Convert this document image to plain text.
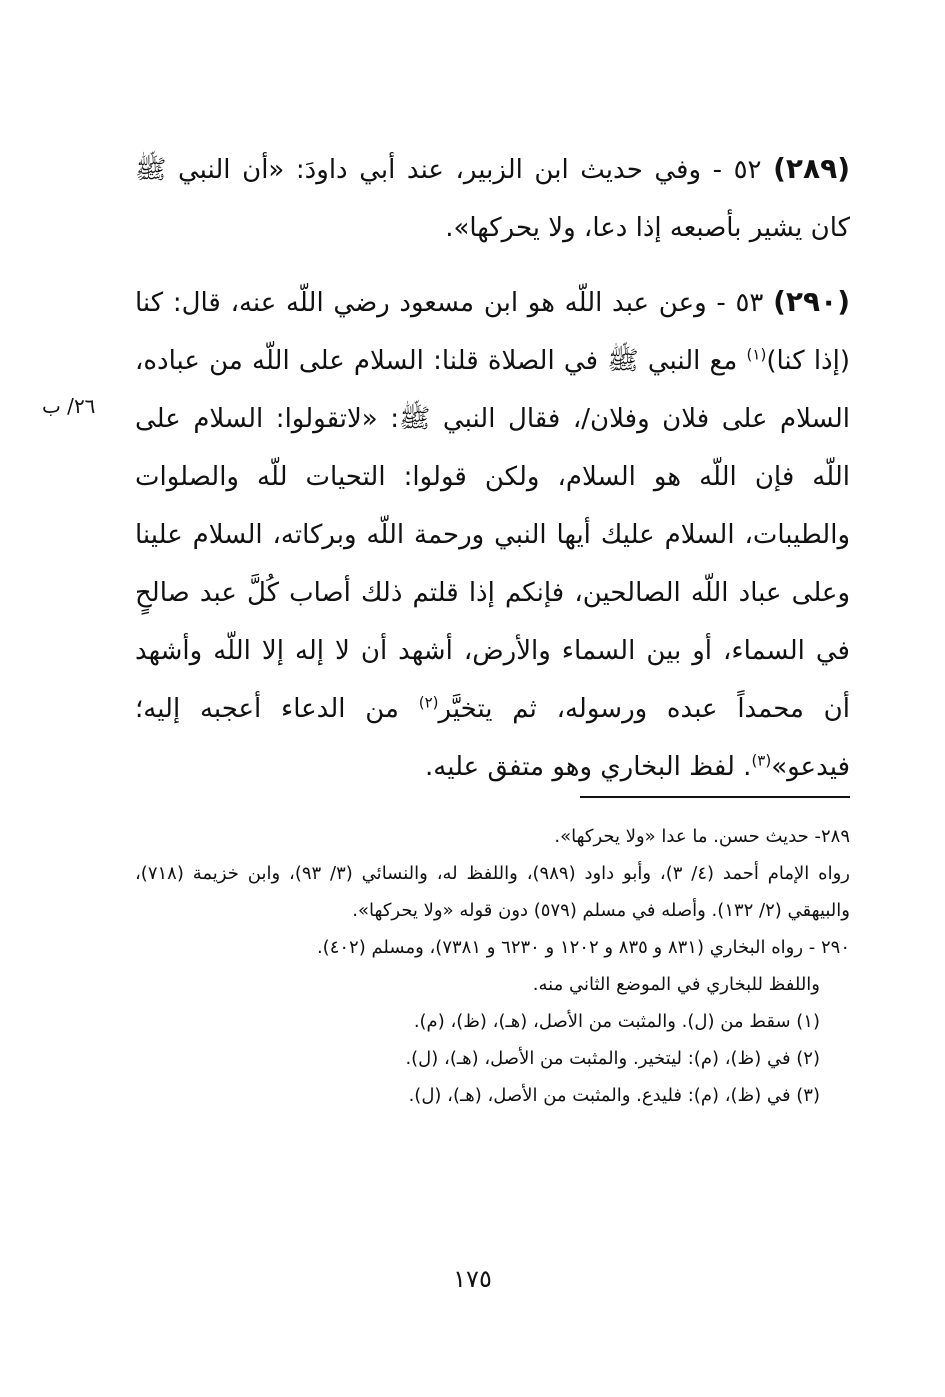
(٢٨٩) ٥٢ - وفي حديث ابن الزبير، عند أبي داودَ: «أن النبي ﷺ كان يشير بأصبعه إذا دعا، ولا يحركها».

(٢٩٠) ٥٣ - وعن عبد اللّه هو ابن مسعود رضي اللّه عنه، قال: كنا (إذا كنا)$^{(١)}$ مع النبي ﷺ في الصلاة قلنا: السلام على اللّه من عباده، السلام على فلان وفلان/، فقال النبي ﷺ: «لاتقولوا: السلام على اللّه فإن اللّه هو السلام، ولكن قولوا: التحيات للّه والصلوات والطيبات، السلام عليك أيها النبي ورحمة اللّه وبركاته، السلام علينا وعلى عباد اللّه الصالحين، فإنكم إذا قلتم ذلك أصاب كُلَّ عبد صالحٍ في السماء، أو بين السماء والأرض، أشهد أن لا إله إلا اللّه وأشهد أن محمداً عبده ورسوله، ثم يتخيَّر$^{(٢)}$ من الدعاء أعجبه إليه؛ فيدعو»$^{(٣)}$. لفظ البخاري وهو متفق عليه.

٢٦/ ب

٢٨٩- حديث حسن. ما عدا «ولا يحركها».

رواه الإمام أحمد (٤/ ٣)، وأبو داود (٩٨٩)، واللفظ له، والنسائي (٣/ ٩٣)، وابن خزيمة (٧١٨)، والبيهقي (٢/ ١٣٢). وأصله في مسلم (٥٧٩) دون قوله «ولا يحركها».

٢٩٠ - رواه البخاري (٨٣١ و ٨٣٥ و ١٢٠٢ و ٦٢٣٠ و ٧٣٨١)، ومسلم (٤٠٢).

واللفظ للبخاري في الموضع الثاني منه.

(١) سقط من (ل). والمثبت من الأصل، (هـ)، (ظ)، (م).

(٢) في (ظ)، (م): ليتخير. والمثبت من الأصل، (هـ)، (ل).

(٣) في (ظ)، (م): فليدع. والمثبت من الأصل، (هـ)، (ل).

١٧٥
